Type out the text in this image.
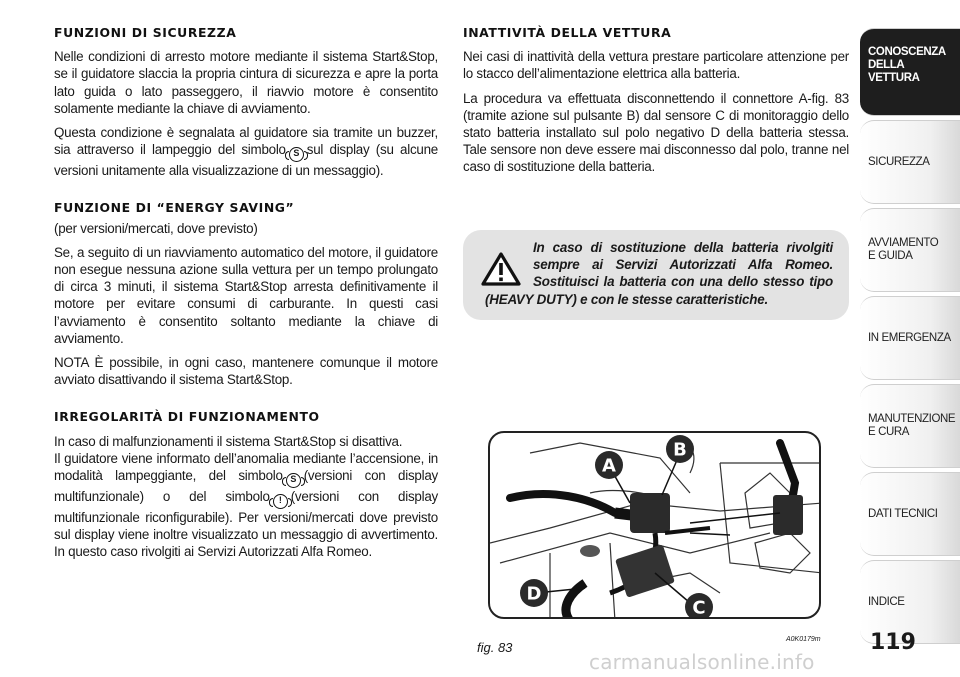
FUNZIONI DI SICUREZZA

Nelle condizioni di arresto motore mediante il sistema Start&Stop, se il guidatore slaccia la propria cintura di sicurezza e apre la porta lato guida o lato passeggero, il riavvio motore è consentito solamente mediante la chiave di avviamento.

Questa condizione è segnalata al guidatore sia tramite un buzzer, sia attraverso il lampeggio del simbolo S sul display (su alcune versioni unitamente alla visualizzazione di un messaggio).

FUNZIONE DI “ENERGY SAVING”

(per versioni/mercati, dove previsto)

Se, a seguito di un riavviamento automatico del motore, il guidatore non esegue nessuna azione sulla vettura per un tempo prolungato di circa 3 minuti, il sistema Start&Stop arresta definitivamente il motore per evitare consumi di carburante. In questi casi l’avviamento è consentito soltanto mediante la chiave di avviamento.

NOTA È possibile, in ogni caso, mantenere comunque il motore avviato disattivando il sistema Start&Stop.

IRREGOLARITÀ DI FUNZIONAMENTO

In caso di malfunzionamenti il sistema Start&Stop si disattiva.

Il guidatore viene informato dell’anomalia mediante l’accensione, in modalità lampeggiante, del simbolo S (versioni con display multifunzionale) o del simbolo ! (versioni con display multifunzionale riconfigurabile). Per versioni/mercati dove previsto sul display viene inoltre visualizzato un messaggio di avvertimento. In questo caso rivolgiti ai Servizi Autorizzati Alfa Romeo.

INATTIVITÀ DELLA VETTURA

Nei casi di inattività della vettura prestare particolare attenzione per lo stacco dell’alimentazione elettrica alla batteria.

La procedura va effettuata disconnettendo il connettore A-fig. 83 (tramite azione sul pulsante B) dal sensore C di monitoraggio dello stato batteria installato sul polo negativo D della batteria stessa. Tale sensore non deve essere mai disconnesso dal polo, tranne nel caso di sostituzione della batteria.

In caso di sostituzione della batteria rivolgiti sempre ai Servizi Autorizzati Alfa Romeo. Sostituisci la batteria con una dello stesso tipo (HEAVY DUTY) e con le stesse caratteristiche.
A
B
C
D
fig. 83
A0K0179m
CONOSCENZA
DELLA
VETTURA
SICUREZZA
AVVIAMENTO
E GUIDA
IN EMERGENZA
MANUTENZIONE
E CURA
DATI TECNICI
INDICE
119
carmanualsonline.info
